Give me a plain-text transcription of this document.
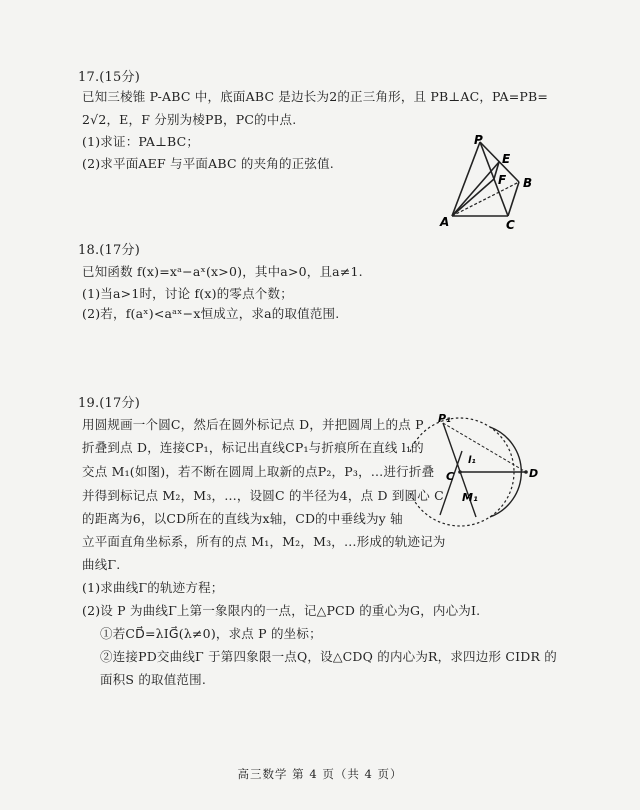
17.(15分)
已知三棱锥 P-ABC 中，底面ABC 是边长为2的正三角形，且 PB⊥AC，PA=PB=
2√2，E，F 分别为棱PB，PC的中点.
(1)求证：PA⊥BC；
(2)求平面AEF 与平面ABC 的夹角的正弦值.
P
E
F B
A	C
18.(17分)
已知函数 f(x)=xᵃ−aˣ(x>0)，其中a>0，且a≠1.
(1)当a>1时，讨论 f(x)的零点个数；
(2)若，f(aˣ)<aᵃˣ−x恒成立，求a的取值范围.
19.(17分)
用圆规画一个圆C，然后在圆外标记点 D，并把圆周上的点 P
折叠到点 D，连接CP₁，标记出直线CP₁与折痕所在直线 l₁的
交点 M₁(如图)，若不断在圆周上取新的点P₂，P₃，…进行折叠
并得到标记点 M₂，M₃，…，设圆C 的半径为4，点 D 到圆心 C
的距离为6，以CD所在的直线为x轴，CD的中垂线为y 轴
立平面直角坐标系，所有的点 M₁，M₂，M₃，…形成的轨迹记为
曲线Γ.
(1)求曲线Γ的轨迹方程；
(2)设 P 为曲线Γ上第一象限内的一点，记△PCD 的重心为G，内心为I.
①若CD⃗=λIG⃗(λ≠0)，求点 P 的坐标；
②连接PD交曲线Γ 于第四象限一点Q，设△CDQ 的内心为R，求四边形 CIDR 的
面积S 的取值范围.
P₁
l₁
C	D
M₁
高三数学 第 4 页（共 4 页）
